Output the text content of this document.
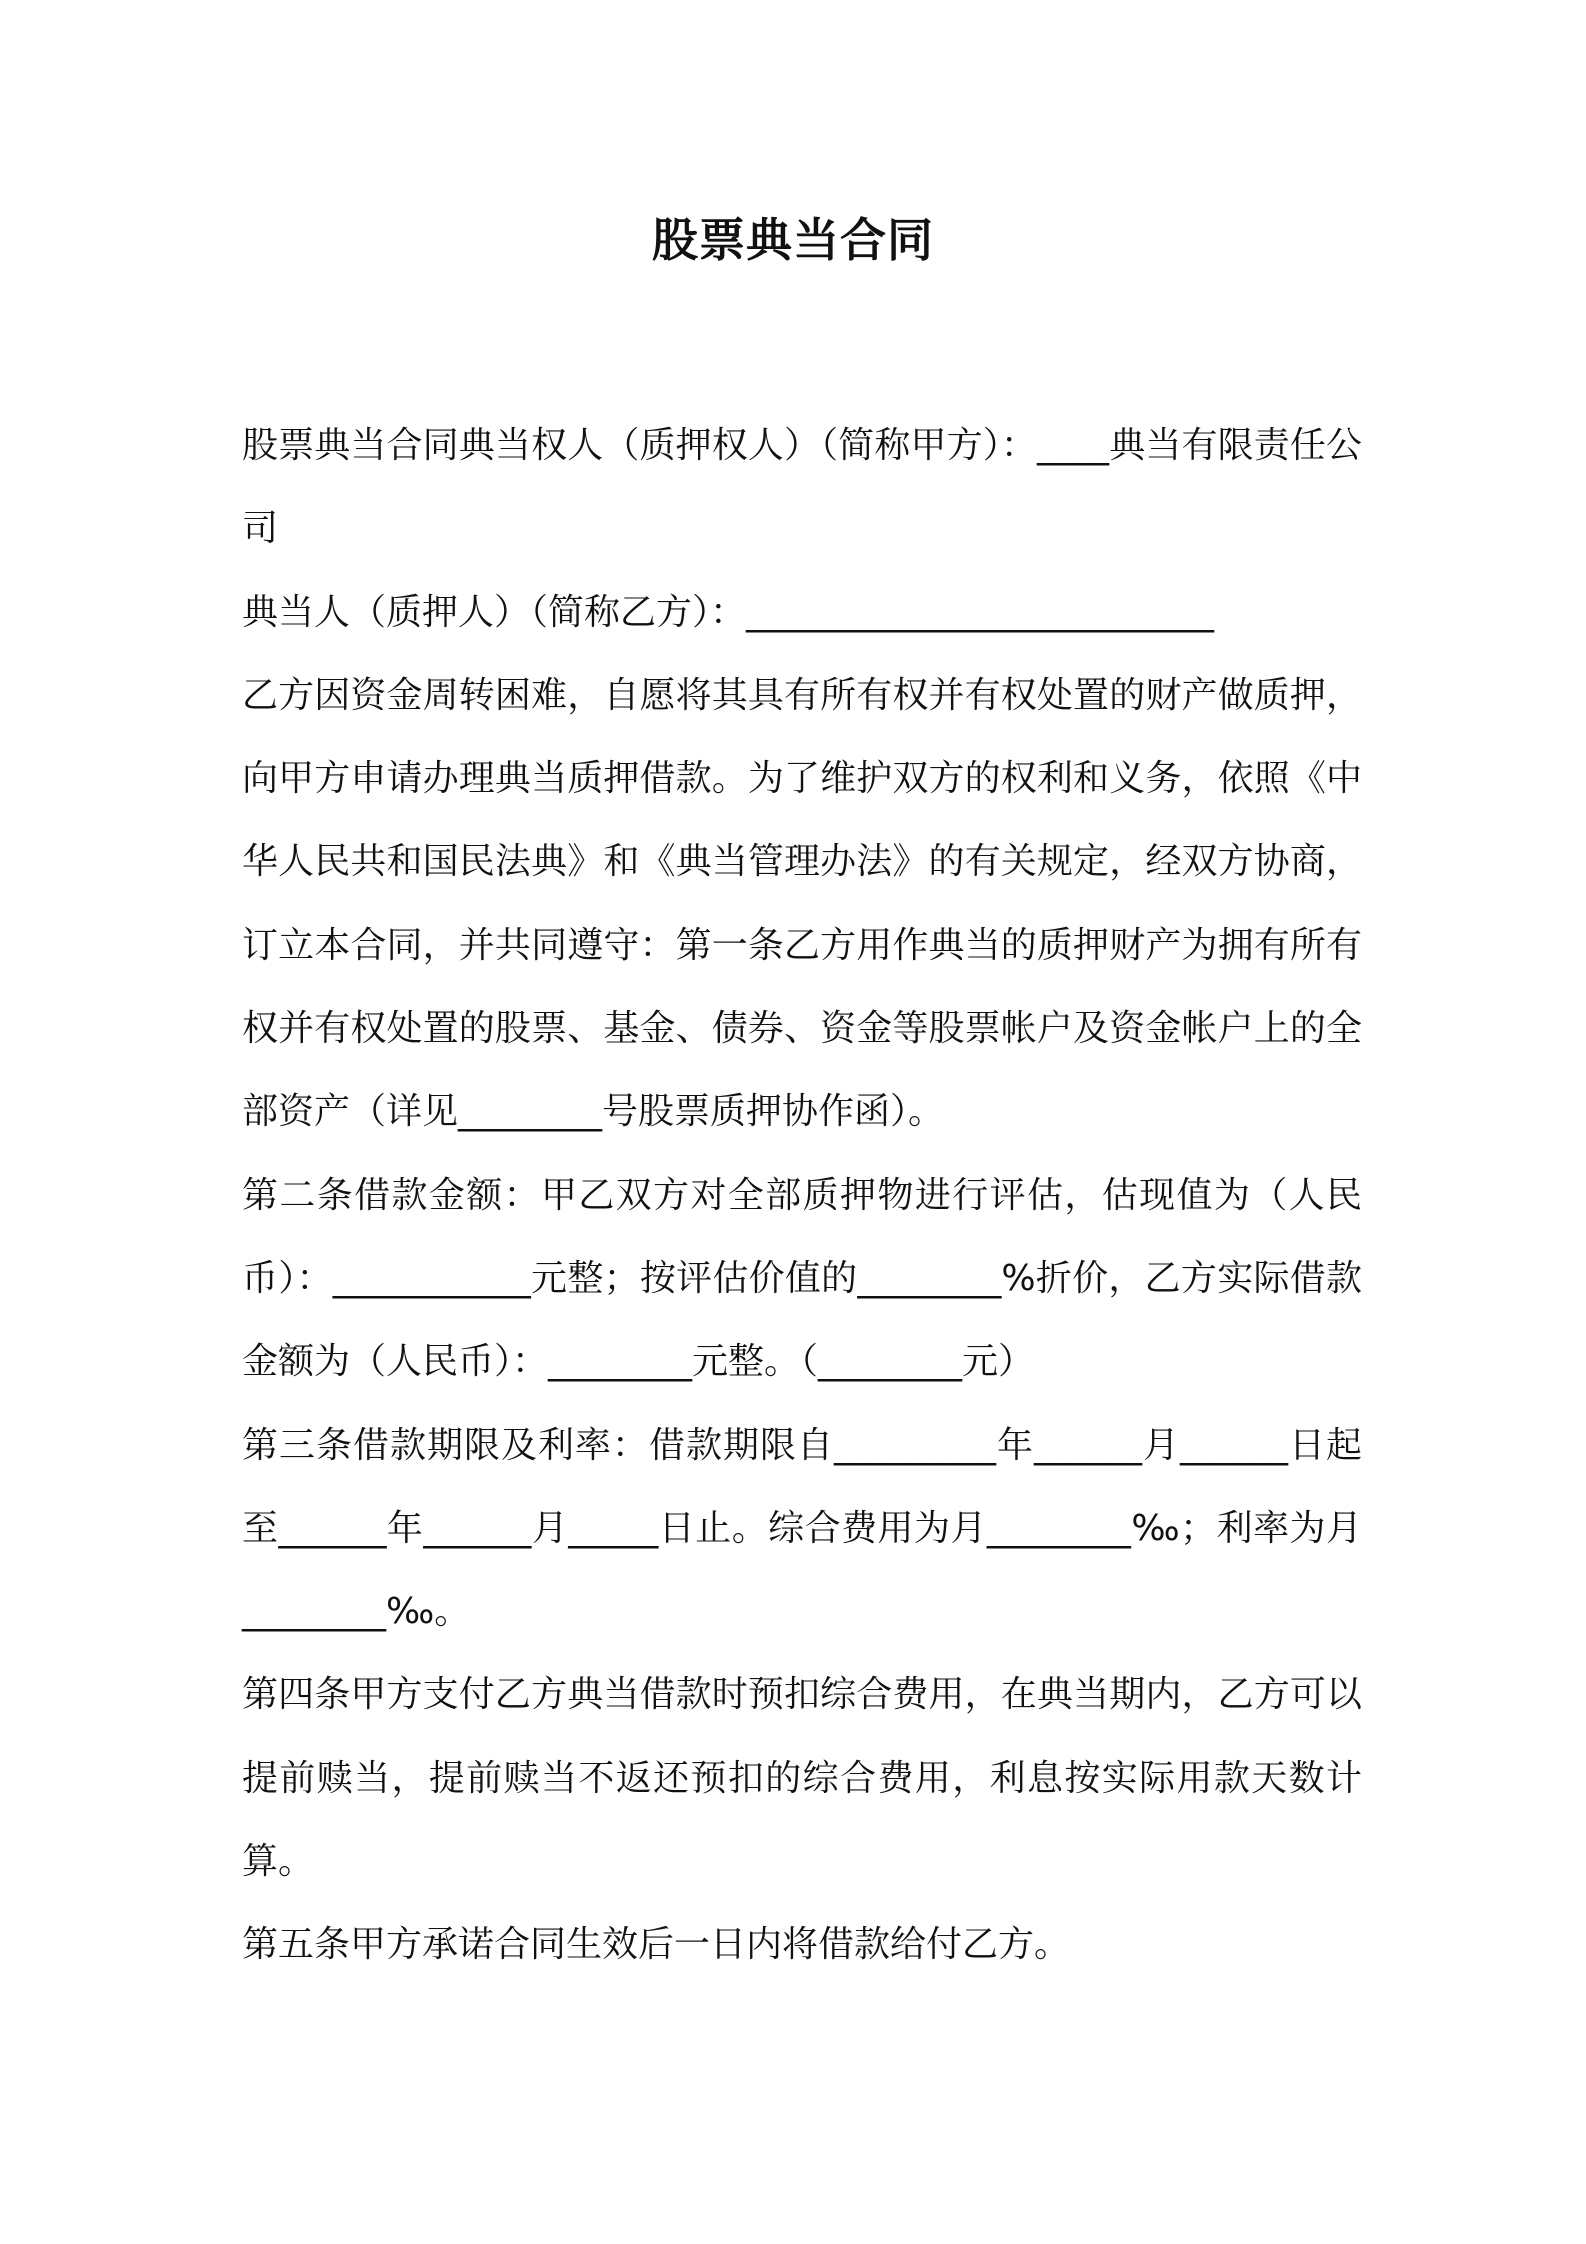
股票典当合同

股票典当合同典当权人（质押权人）（简称甲方）：____典当有限责任公司

典当人（质押人）（简称乙方）：__________________________

乙方因资金周转困难，自愿将其具有所有权并有权处置的财产做质押，向甲方申请办理典当质押借款。为了维护双方的权利和义务，依照《中华人民共和国民法典》和《典当管理办法》的有关规定，经双方协商，订立本合同，并共同遵守：第一条乙方用作典当的质押财产为拥有所有权并有权处置的股票、基金、债券、资金等股票帐户及资金帐户上的全部资产（详见________号股票质押协作函）。

第二条借款金额：甲乙双方对全部质押物进行评估，估现值为（人民币）：___________元整；按评估价值的________%折价，乙方实际借款金额为（人民币）：________元整。（________元）

第三条借款期限及利率：借款期限自_________年______月______日起至______年______月_____日止。综合费用为月________‰；利率为月________‰。

第四条甲方支付乙方典当借款时预扣综合费用，在典当期内，乙方可以提前赎当，提前赎当不返还预扣的综合费用，利息按实际用款天数计算。

第五条甲方承诺合同生效后一日内将借款给付乙方。
